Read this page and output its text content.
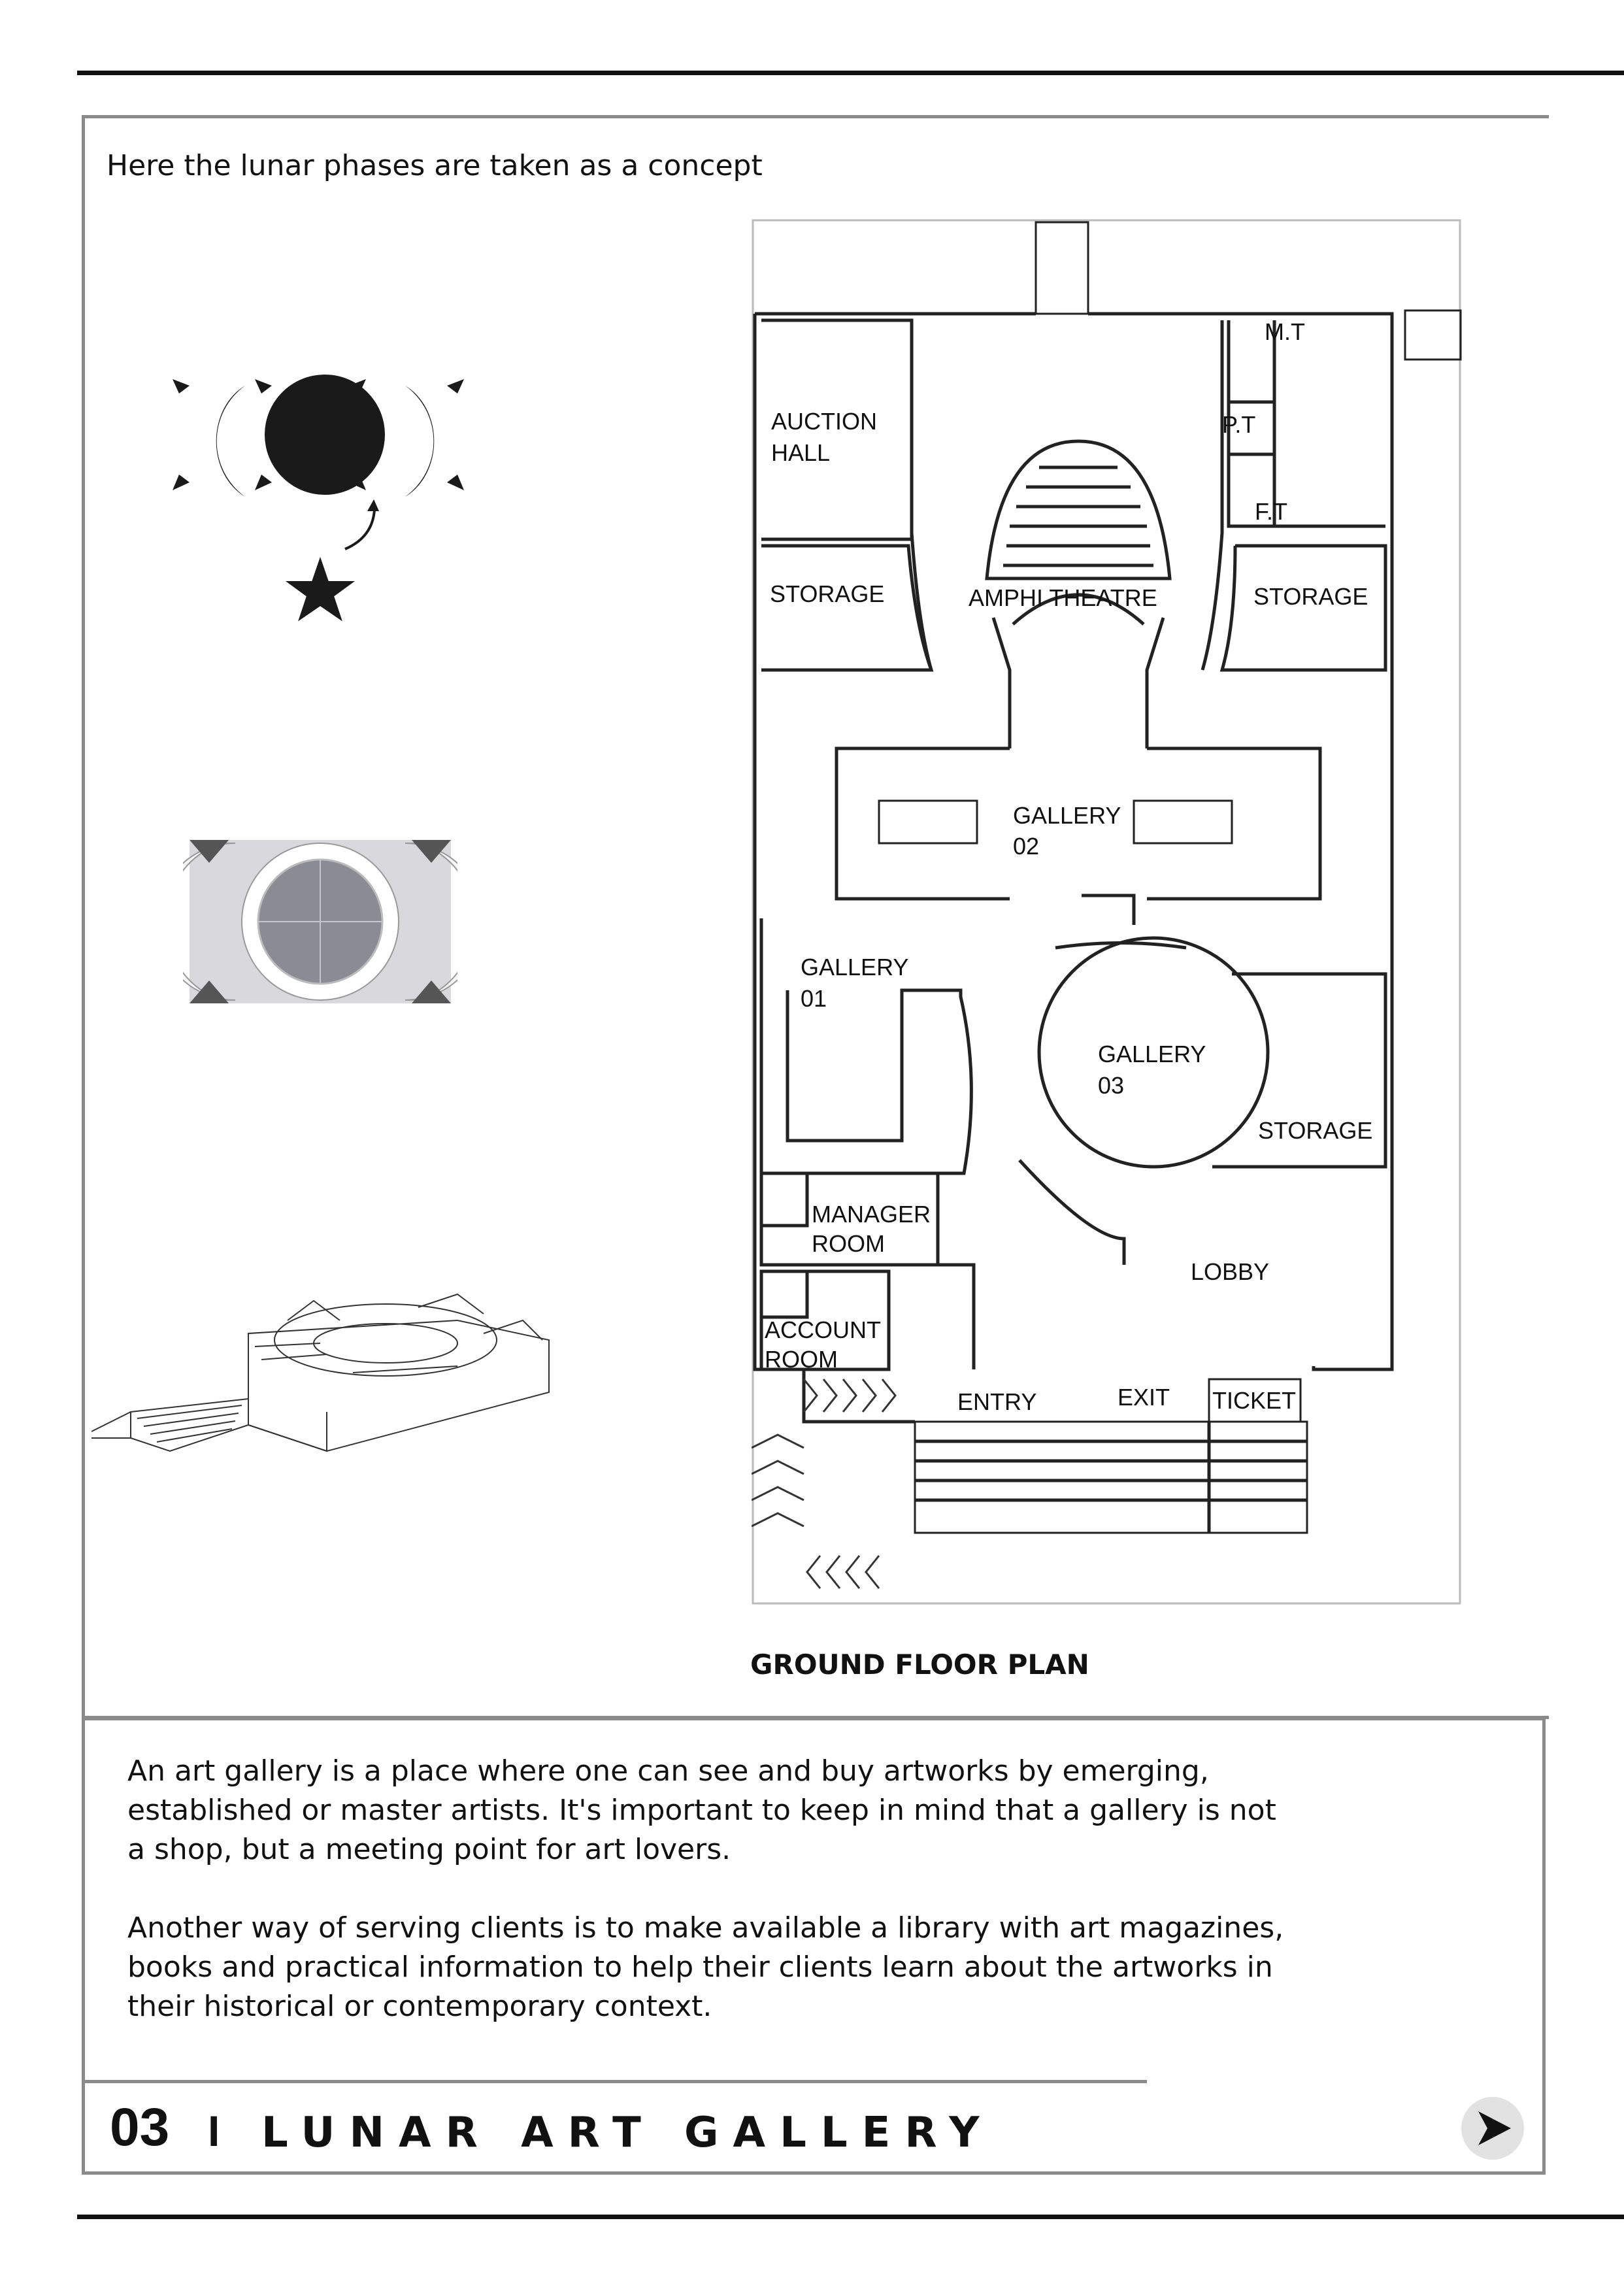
Here the lunar phases are taken as a concept
M.T
P.T
F.T
AUCTION
HALL
STORAGE	AMPHI THEATRE	STORAGE
GALLERY
02
GALLERY
01
GALLERY
03
STORAGE
MANAGER
ROOM
LOBBY
ACCOUNT
ROOM
ENTRY	EXIT TICKET
GROUND FLOOR PLAN
An art gallery is a place where one can see and buy artworks by emerging,
established or master artists. It's important to keep in mind that a gallery is not
a shop, but a meeting point for art lovers.
Another way of serving clients is to make available a library with art magazines,
books and practical information to help their clients learn about the artworks in
their historical or contemporary context.
03 I LUNAR ART GALLERY
